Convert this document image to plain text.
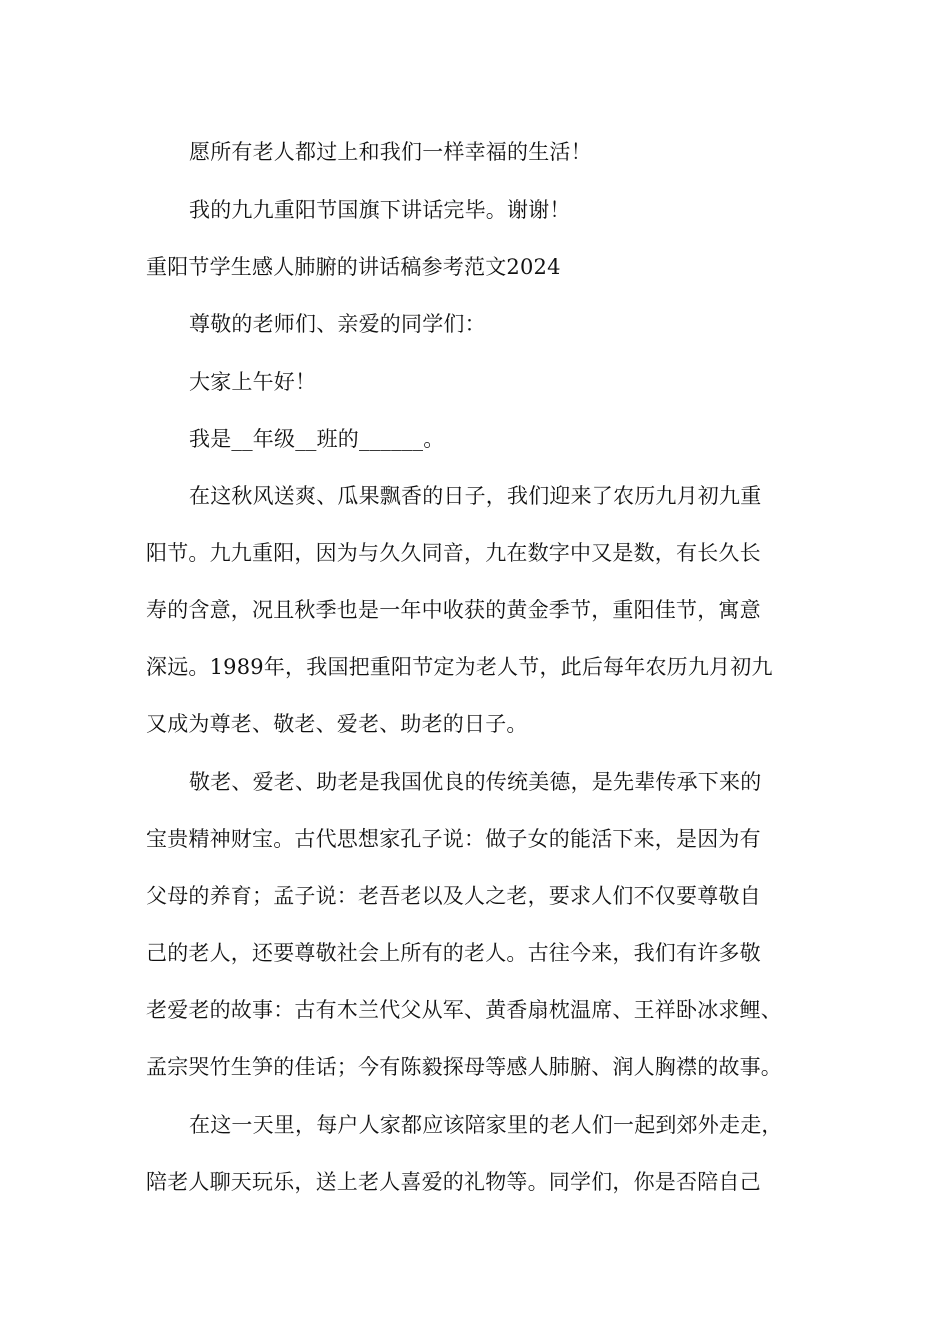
愿所有老人都过上和我们一样幸福的生活！
我的九九重阳节国旗下讲话完毕。谢谢！
重阳节学生感人肺腑的讲话稿参考范文2024
尊敬的老师们、亲爱的同学们：
大家上午好！
我是__年级__班的______。
在这秋风送爽、瓜果飘香的日子，我们迎来了农历九月初九重
阳节。九九重阳，因为与久久同音，九在数字中又是数，有长久长
寿的含意，况且秋季也是一年中收获的黄金季节，重阳佳节，寓意
深远。1989年，我国把重阳节定为老人节，此后每年农历九月初九
又成为尊老、敬老、爱老、助老的日子。
敬老、爱老、助老是我国优良的传统美德，是先辈传承下来的
宝贵精神财宝。古代思想家孔子说：做子女的能活下来，是因为有
父母的养育；孟子说：老吾老以及人之老，要求人们不仅要尊敬自
己的老人，还要尊敬社会上所有的老人。古往今来，我们有许多敬
老爱老的故事：古有木兰代父从军、黄香扇枕温席、王祥卧冰求鲤、
孟宗哭竹生笋的佳话；今有陈毅探母等感人肺腑、润人胸襟的故事。
在这一天里，每户人家都应该陪家里的老人们一起到郊外走走，
陪老人聊天玩乐，送上老人喜爱的礼物等。同学们，你是否陪自己
